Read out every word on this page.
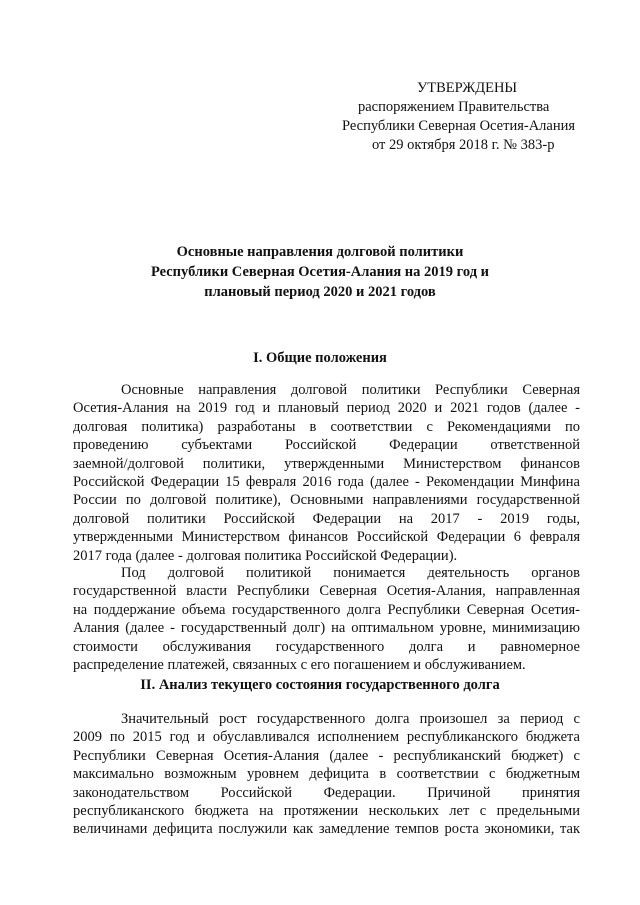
УТВЕРЖДЕНЫ
распоряжением Правительства
Республики Северная Осетия-Алания
от 29 октября 2018 г. № 383-р
Основные направления долговой политики
Республики Северная Осетия-Алания на 2019 год и
плановый период 2020 и 2021 годов
I. Общие положения
Основные направления долговой политики Республики Северная
Осетия-Алания на 2019 год и плановый период 2020 и 2021 годов (далее -
долговая политика) разработаны в соответствии с Рекомендациями по
проведению субъектами Российской Федерации ответственной
заемной/долговой политики, утвержденными Министерством финансов
Российской Федерации 15 февраля 2016 года (далее - Рекомендации Минфина
России по долговой политике), Основными направлениями государственной
долговой политики Российской Федерации на 2017 - 2019 годы,
утвержденными Министерством финансов Российской Федерации 6 февраля
2017 года (далее - долговая политика Российской Федерации).
Под долговой политикой понимается деятельность органов
государственной власти Республики Северная Осетия-Алания, направленная
на поддержание объема государственного долга Республики Северная Осетия-
Алания (далее - государственный долг) на оптимальном уровне, минимизацию
стоимости обслуживания государственного долга и равномерное
распределение платежей, связанных с его погашением и обслуживанием.
II. Анализ текущего состояния государственного долга
Значительный рост государственного долга произошел за период с
2009 по 2015 год и обуславливался исполнением республиканского бюджета
Республики Северная Осетия-Алания (далее - республиканский бюджет) с
максимально возможным уровнем дефицита в соответствии с бюджетным
законодательством Российской Федерации. Причиной принятия
республиканского бюджета на протяжении нескольких лет с предельными
величинами дефицита послужили как замедление темпов роста экономики, так
